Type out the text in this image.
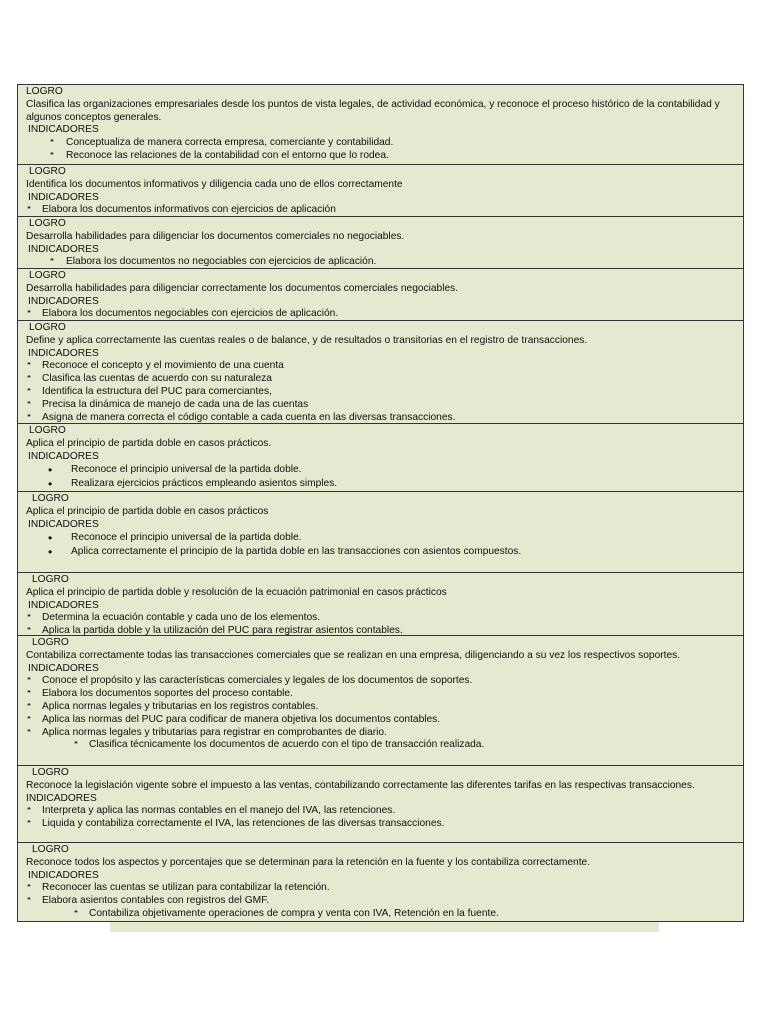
LOGRO

Clasifica las organizaciones empresariales desde los puntos de vista legales, de actividad económica, y reconoce el proceso histórico de la contabilidad y algunos conceptos generales.

INDICADORES

❝ Conceptualiza de manera correcta empresa, comerciante y contabilidad.

❝ Reconoce las relaciones de la contabilidad con el entorno que lo rodea.

LOGRO

Identifica los documentos informativos y diligencia cada uno de ellos correctamente

INDICADORES

❝ Elabora los documentos informativos con ejercicios de aplicación

LOGRO

Desarrolla habilidades para diligenciar los documentos comerciales no negociables.

INDICADORES

❝ Elabora los documentos no negociables con ejercicios de aplicación.

LOGRO

Desarrolla habilidades para diligenciar correctamente los documentos comerciales negociables.

INDICADORES

❝ Elabora los documentos negociables con ejercicios de aplicación.

LOGRO

Define y aplica correctamente las cuentas reales o de balance, y de resultados o transitorias en el registro de transacciones.

INDICADORES

❝ Reconoce el concepto y el movimiento de una cuenta

❝ Clasifica las cuentas de acuerdo con su naturaleza

❝ Identifica la estructura del PUC para comerciantes,

❝ Precisa la dinámica de manejo de cada una de las cuentas

❝ Asigna de manera correcta el código contable a cada cuenta en las diversas transacciones.

LOGRO

Aplica el principio de partida doble en casos prácticos.

INDICADORES

• Reconoce el principio universal de la partida doble.

• Realizara ejercicios prácticos empleando asientos simples.

LOGRO

Aplica el principio de partida doble en casos prácticos

INDICADORES

• Reconoce el principio universal de la partida doble.

• Aplica correctamente el principio de la partida doble en las transacciones con asientos compuestos.

LOGRO

Aplica el principio de partida doble y resolución de la ecuación patrimonial en casos prácticos

INDICADORES

❝ Determina la ecuación contable y cada uno de los elementos.

❝ Aplica la partida doble y la utilización del PUC para registrar asientos contables.

LOGRO

Contabiliza correctamente todas las transacciones comerciales que se realizan en una empresa, diligenciando a su vez los respectivos soportes.

INDICADORES

❝ Conoce el propósito y las características comerciales y legales de los documentos de soportes.

❝ Elabora los documentos soportes del proceso contable.

❝ Aplica normas legales y tributarias en los registros contables.

❝ Aplica las normas del PUC para codificar de manera objetiva los documentos contables.

❝ Aplica normas legales y tributarias para registrar en comprobantes de diario.

❝ Clasifica técnicamente los documentos de acuerdo con el tipo de transacción realizada.

LOGRO

Reconoce la legislación vigente sobre el impuesto a las ventas, contabilizando correctamente las diferentes tarifas en las respectivas transacciones.

INDICADORES

❝ Interpreta y aplica las normas contables en el manejo del IVA, las retenciones.

❝ Liquida y contabiliza correctamente el IVA, las retenciones de las diversas transacciones.

LOGRO

Reconoce todos los aspectos y porcentajes que se determinan para la retención en la fuente y los contabiliza correctamente.

INDICADORES

❝ Reconocer las cuentas se utilizan para contabilizar la retención.

❝ Elabora asientos contables con registros del GMF.

❝ Contabiliza objetivamente operaciones de compra y venta con IVA, Retención en la fuente.
